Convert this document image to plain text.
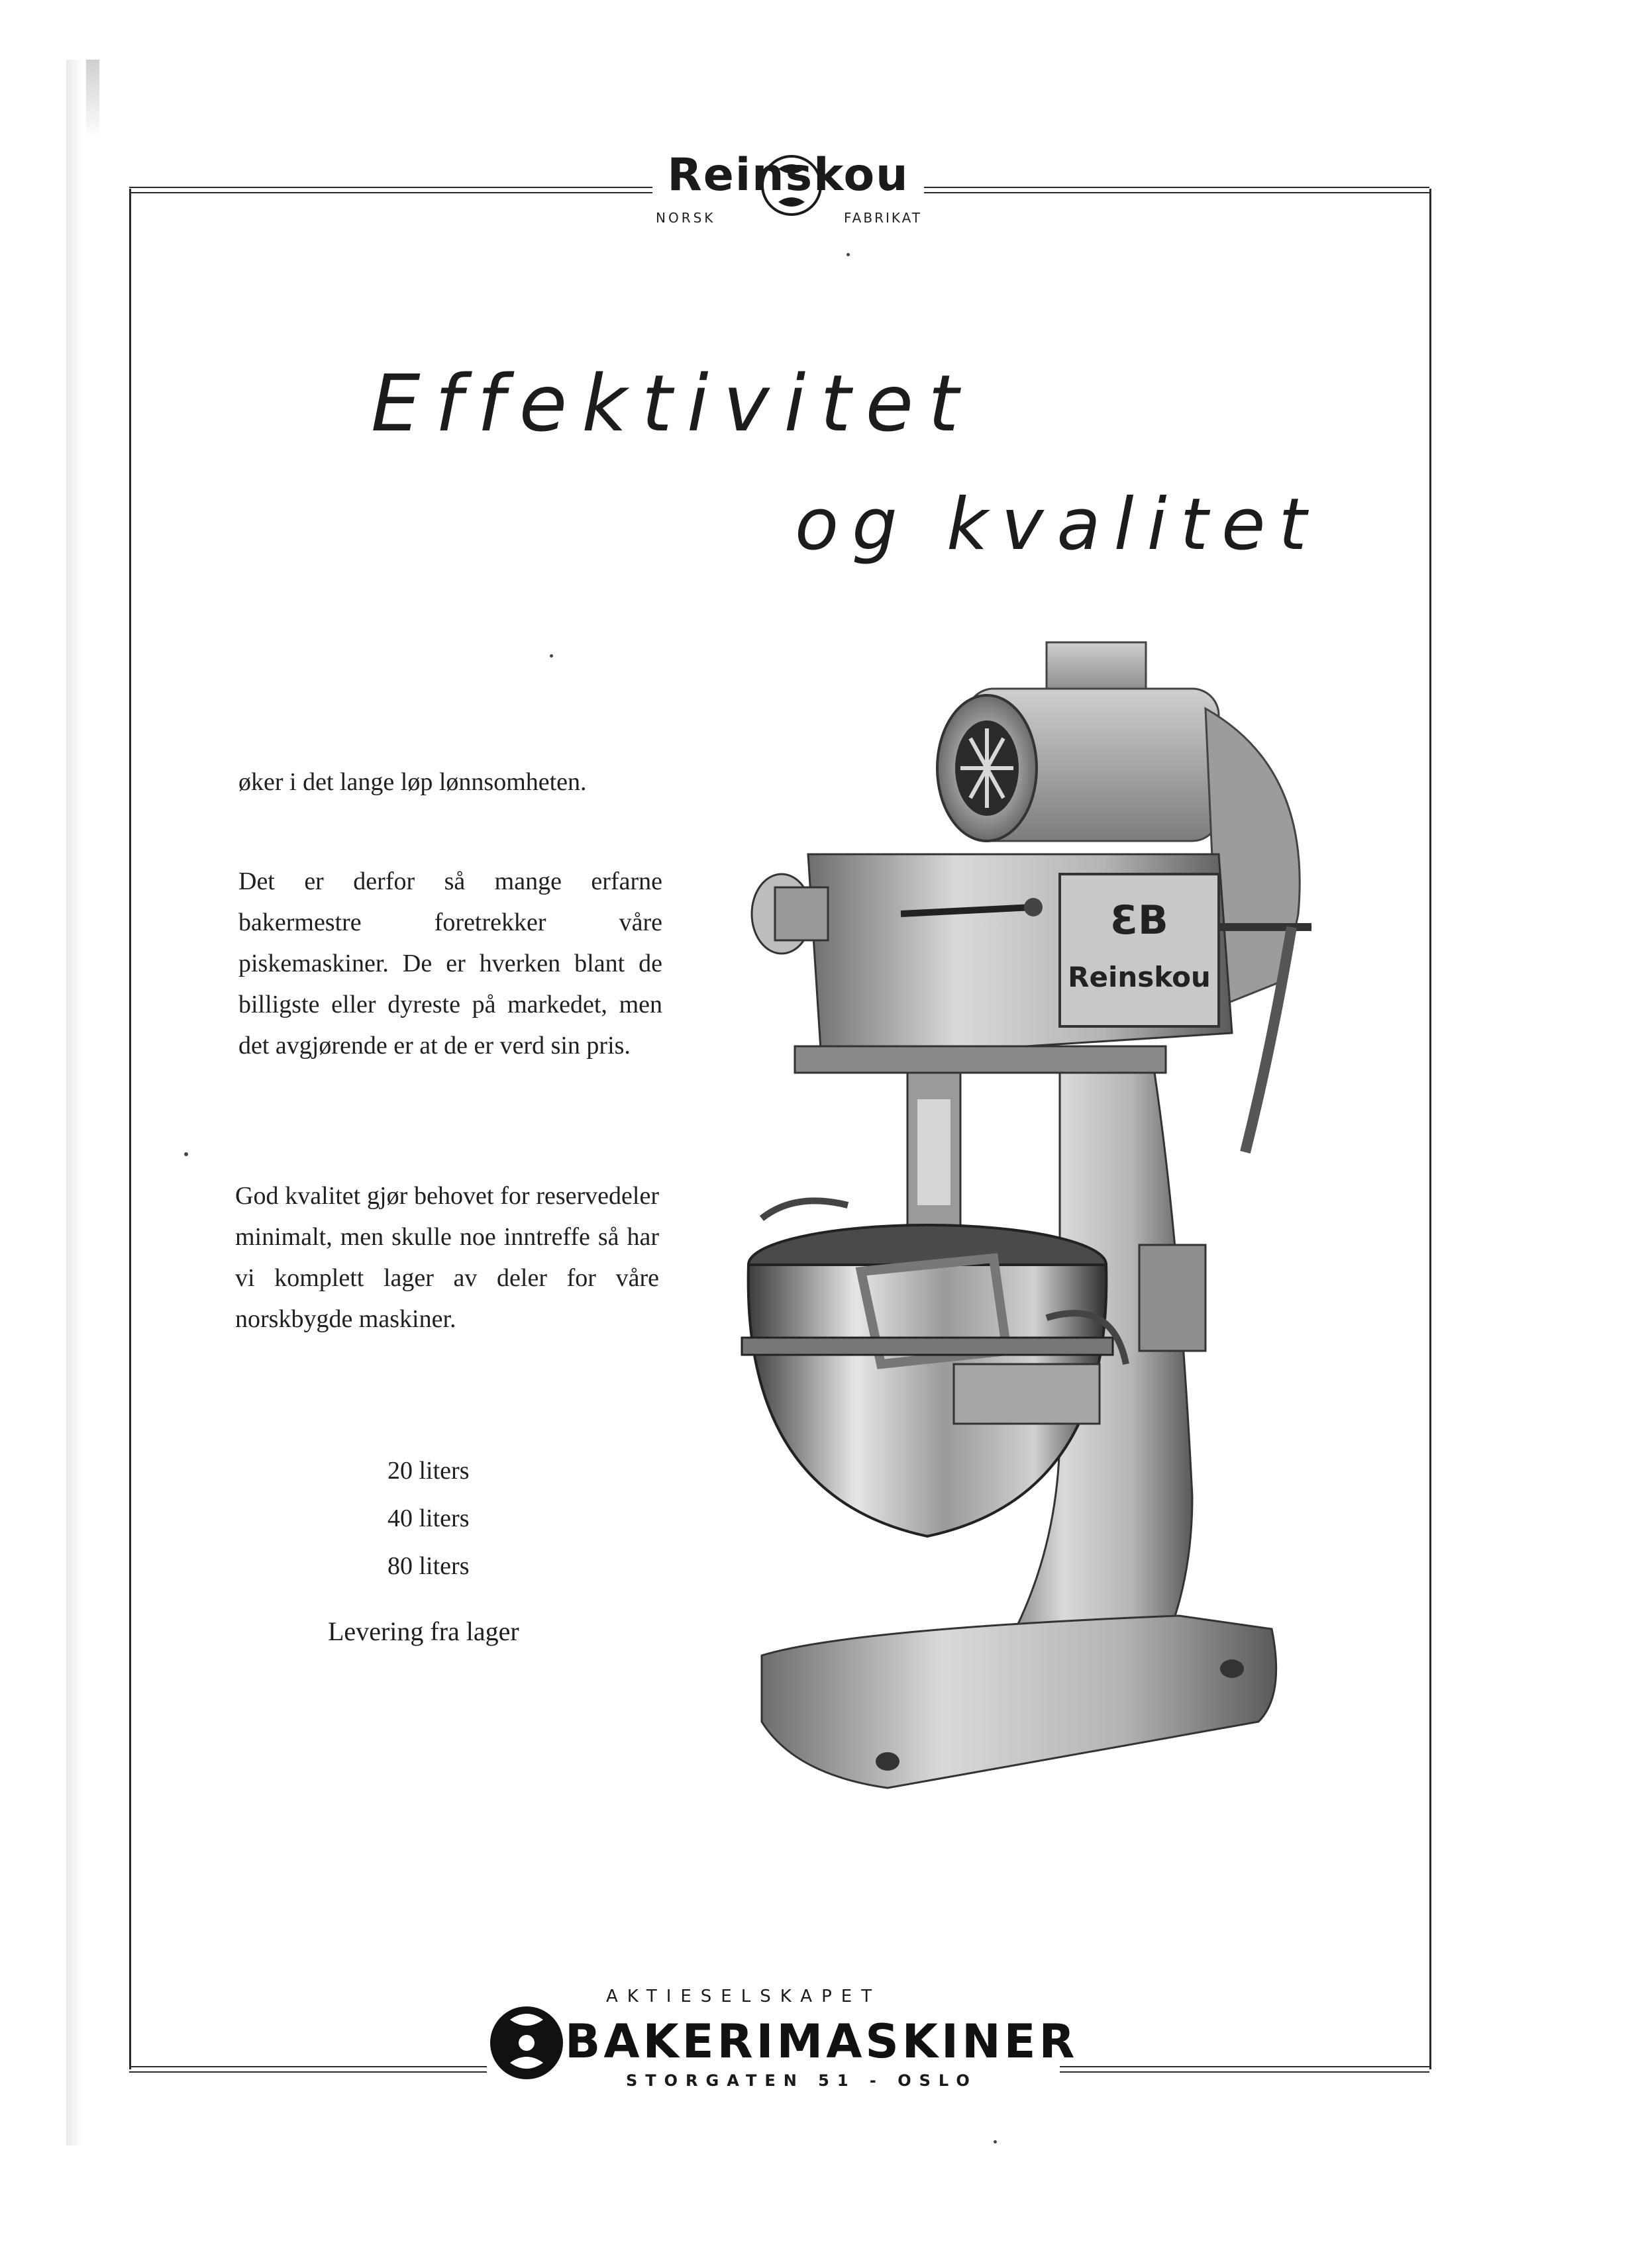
Reinskou
NORSK	FABRIKAT
Effektivitet
og kvalitet
øker i det lange løp lønnsomheten.
Det er derfor så mange erfarne bakermestre foretrekker våre piskemaskiner. De er hverken blant de billigste eller dyreste på markedet, men det avgjørende er at de er verd sin pris.
God kvalitet gjør behovet for reservedeler minimalt, men skulle noe inntreffe så har vi komplett lager av deler for våre norskbygde maskiner.
20 liters
40 liters
80 liters
Levering fra lager
ƐB
Reinskou
AKTIESELSKAPET
BAKERIMASKINER
STORGATEN 51 - OSLO
